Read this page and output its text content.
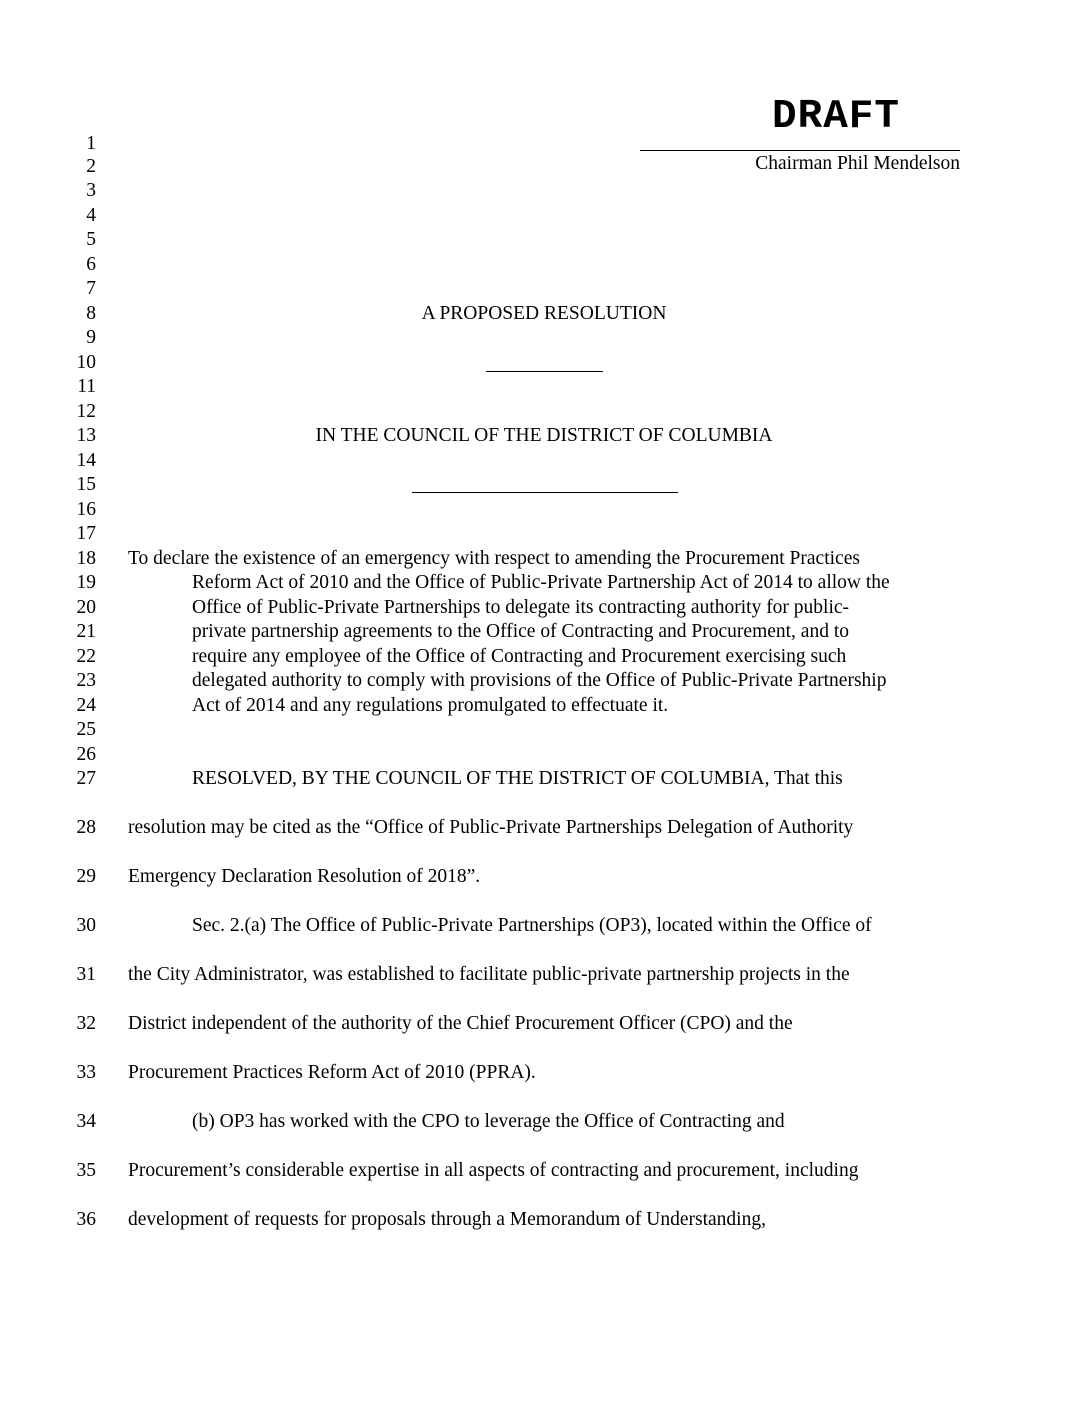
DRAFT
Chairman Phil Mendelson
1
2
3
4
5
6
7
8
9
10
11
12
13
14
15
16
17
18
19
20
21
22
23
24
25
26
27
28
29
30
31
32
33
34
35
36
A PROPOSED RESOLUTION
IN THE COUNCIL OF THE DISTRICT OF COLUMBIA
To declare the existence of an emergency with respect to amending the Procurement Practices
Reform Act of 2010 and the Office of Public-Private Partnership Act of 2014 to allow the
Office of Public-Private Partnerships to delegate its contracting authority for public-
private partnership agreements to the Office of Contracting and Procurement, and to
require any employee of the Office of Contracting and Procurement exercising such
delegated authority to comply with provisions of the Office of Public-Private Partnership
Act of 2014 and any regulations promulgated to effectuate it.
RESOLVED, BY THE COUNCIL OF THE DISTRICT OF COLUMBIA, That this
resolution may be cited as the “Office of Public-Private Partnerships Delegation of Authority
Emergency Declaration Resolution of 2018”.
Sec. 2.(a) The Office of Public-Private Partnerships (OP3), located within the Office of
the City Administrator, was established to facilitate public-private partnership projects in the
District independent of the authority of the Chief Procurement Officer (CPO) and the
Procurement Practices Reform Act of 2010 (PPRA).
(b) OP3 has worked with the CPO to leverage the Office of Contracting and
Procurement’s considerable expertise in all aspects of contracting and procurement, including
development of requests for proposals through a Memorandum of Understanding,
